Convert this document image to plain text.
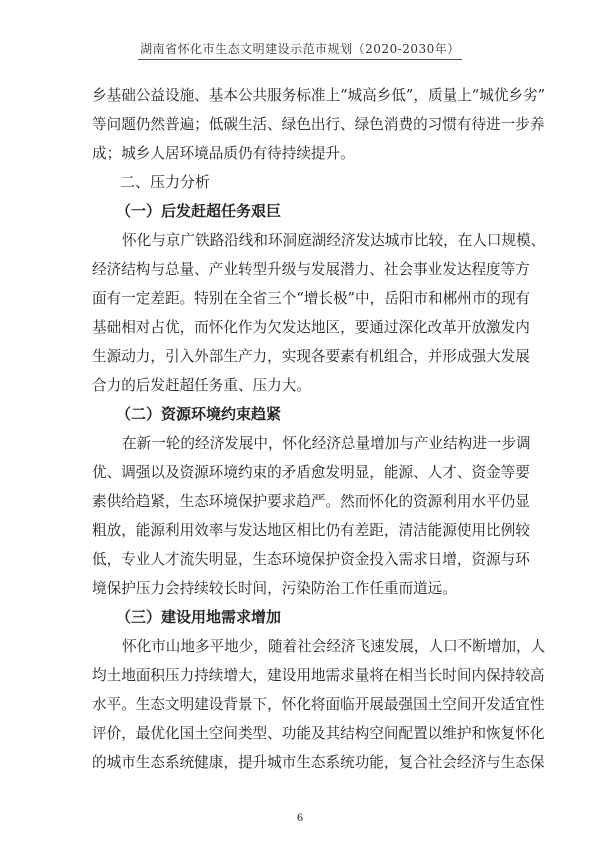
湖南省怀化市生态文明建设示范市规划（2020-2030年）
乡基础公益设施、基本公共服务标准上“城高乡低”，质量上“城优乡劣”
等问题仍然普遍；低碳生活、绿色出行、绿色消费的习惯有待进一步养
成；城乡人居环境品质仍有待持续提升。
二、压力分析
（一）后发赶超任务艰巨
怀化与京广铁路沿线和环洞庭湖经济发达城市比较，在人口规模、
经济结构与总量、产业转型升级与发展潜力、社会事业发达程度等方
面有一定差距。特别在全省三个“增长极”中，岳阳市和郴州市的现有
基础相对占优，而怀化作为欠发达地区，要通过深化改革开放激发内
生源动力，引入外部生产力，实现各要素有机组合，并形成强大发展
合力的后发赶超任务重、压力大。
（二）资源环境约束趋紧
在新一轮的经济发展中，怀化经济总量增加与产业结构进一步调
优、调强以及资源环境约束的矛盾愈发明显，能源、人才、资金等要
素供给趋紧，生态环境保护要求趋严。然而怀化的资源利用水平仍显
粗放，能源利用效率与发达地区相比仍有差距，清洁能源使用比例较
低，专业人才流失明显，生态环境保护资金投入需求日增，资源与环
境保护压力会持续较长时间，污染防治工作任重而道远。
（三）建设用地需求增加
怀化市山地多平地少，随着社会经济飞速发展，人口不断增加，人
均土地面积压力持续增大，建设用地需求量将在相当长时间内保持较高
水平。生态文明建设背景下，怀化将面临开展最强国土空间开发适宜性
评价，最优化国土空间类型、功能及其结构空间配置以维护和恢复怀化
的城市生态系统健康，提升城市生态系统功能，复合社会经济与生态保
6
